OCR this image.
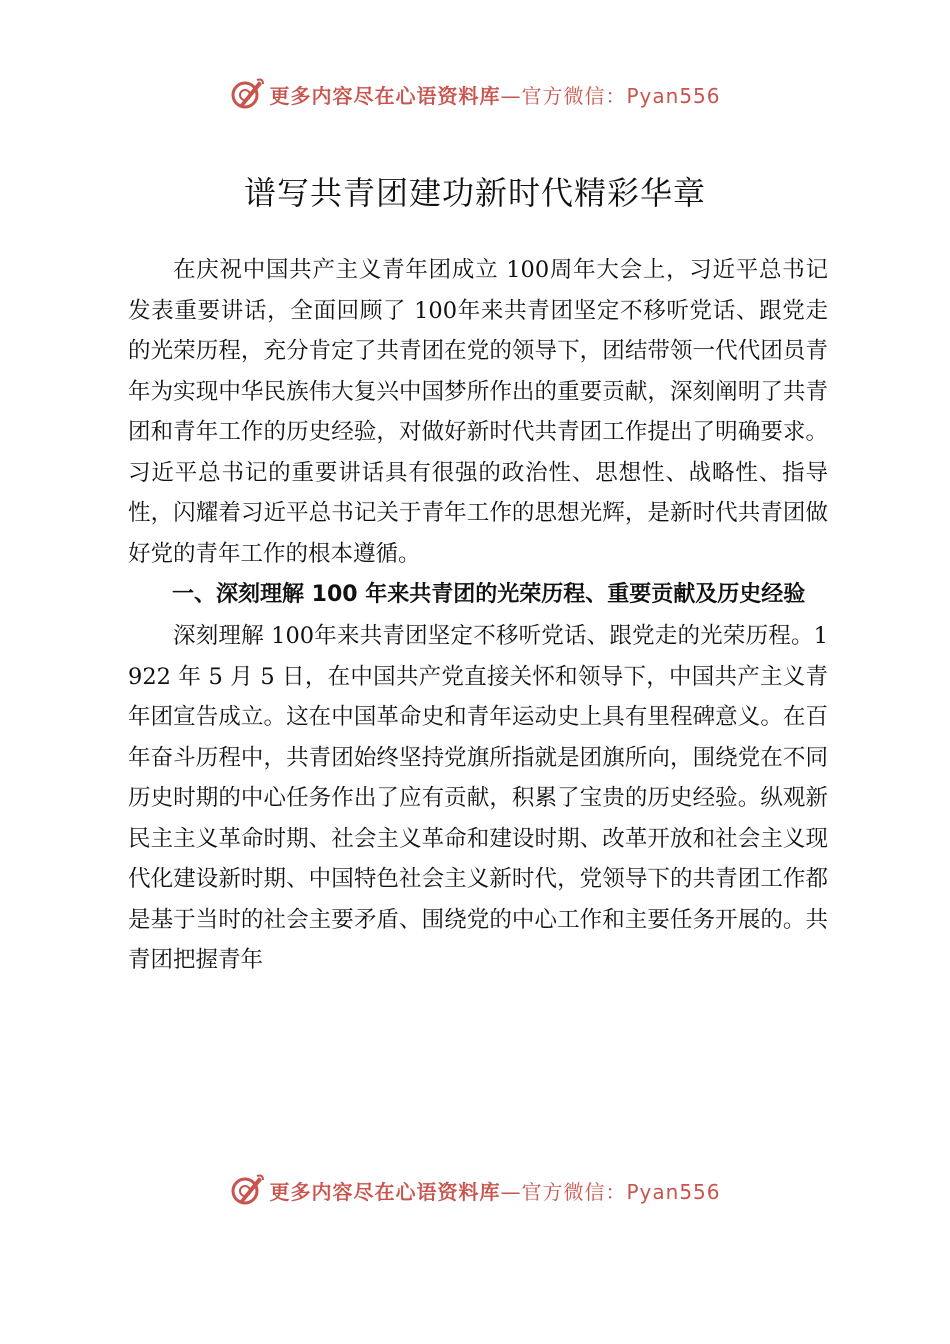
更多内容尽在心语资料库—官方微信：Pyan556
谱写共青团建功新时代精彩华章

在庆祝中国共产主义青年团成立 100周年大会上，习近平总书记发表重要讲话，全面回顾了 100年来共青团坚定不移听党话、跟党走的光荣历程，充分肯定了共青团在党的领导下，团结带领一代代团员青年为实现中华民族伟大复兴中国梦所作出的重要贡献，深刻阐明了共青团和青年工作的历史经验，对做好新时代共青团工作提出了明确要求。习近平总书记的重要讲话具有很强的政治性、思想性、战略性、指导性，闪耀着习近平总书记关于青年工作的思想光辉，是新时代共青团做好党的青年工作的根本遵循。

一、深刻理解 100 年来共青团的光荣历程、重要贡献及历史经验

深刻理解 100年来共青团坚定不移听党话、跟党走的光荣历程。1922 年 5 月 5 日，在中国共产党直接关怀和领导下，中国共产主义青年团宣告成立。这在中国革命史和青年运动史上具有里程碑意义。在百年奋斗历程中，共青团始终坚持党旗所指就是团旗所向，围绕党在不同历史时期的中心任务作出了应有贡献，积累了宝贵的历史经验。纵观新民主主义革命时期、社会主义革命和建设时期、改革开放和社会主义现代化建设新时期、中国特色社会主义新时代，党领导下的共青团工作都是基于当时的社会主要矛盾、围绕党的中心工作和主要任务开展的。共青团把握青年

更多内容尽在心语资料库—官方微信：Pyan556
